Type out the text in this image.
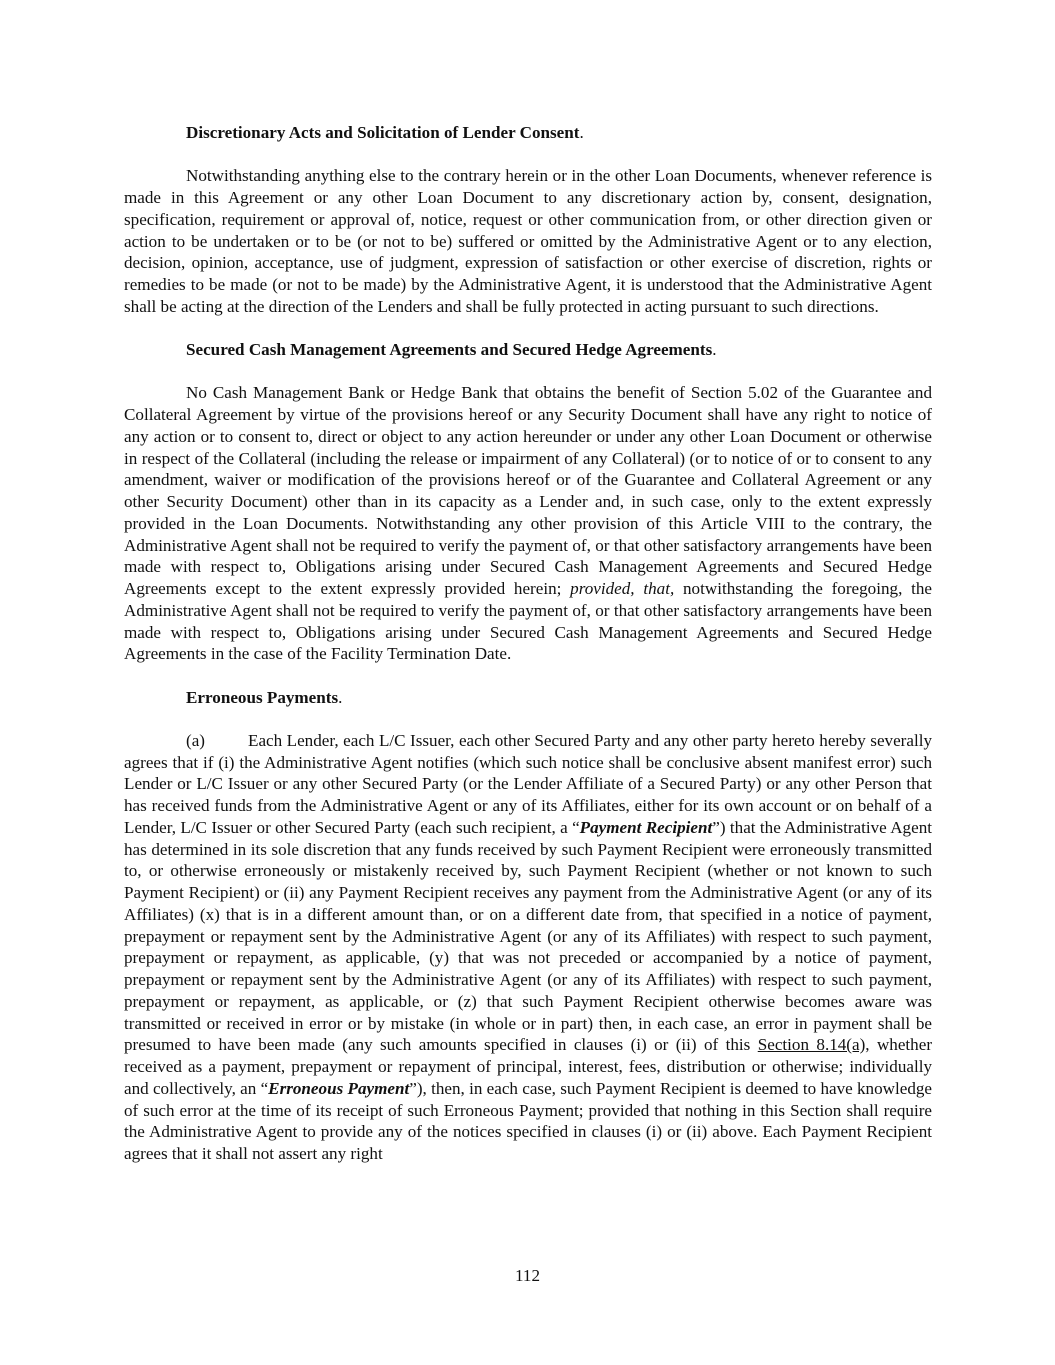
Discretionary Acts and Solicitation of Lender Consent.

Notwithstanding anything else to the contrary herein or in the other Loan Documents, whenever reference is made in this Agreement or any other Loan Document to any discretionary action by, consent, designation, specification, requirement or approval of, notice, request or other communication from, or other direction given or action to be undertaken or to be (or not to be) suffered or omitted by the Administrative Agent or to any election, decision, opinion, acceptance, use of judgment, expression of satisfaction or other exercise of discretion, rights or remedies to be made (or not to be made) by the Administrative Agent, it is understood that the Administrative Agent shall be acting at the direction of the Lenders and shall be fully protected in acting pursuant to such directions.

Secured Cash Management Agreements and Secured Hedge Agreements.

No Cash Management Bank or Hedge Bank that obtains the benefit of Section 5.02 of the Guarantee and Collateral Agreement by virtue of the provisions hereof or any Security Document shall have any right to notice of any action or to consent to, direct or object to any action hereunder or under any other Loan Document or otherwise in respect of the Collateral (including the release or impairment of any Collateral) (or to notice of or to consent to any amendment, waiver or modification of the provisions hereof or of the Guarantee and Collateral Agreement or any other Security Document) other than in its capacity as a Lender and, in such case, only to the extent expressly provided in the Loan Documents. Notwithstanding any other provision of this Article VIII to the contrary, the Administrative Agent shall not be required to verify the payment of, or that other satisfactory arrangements have been made with respect to, Obligations arising under Secured Cash Management Agreements and Secured Hedge Agreements except to the extent expressly provided herein; provided, that, notwithstanding the foregoing, the Administrative Agent shall not be required to verify the payment of, or that other satisfactory arrangements have been made with respect to, Obligations arising under Secured Cash Management Agreements and Secured Hedge Agreements in the case of the Facility Termination Date.

Erroneous Payments.

(a)	Each Lender, each L/C Issuer, each other Secured Party and any other party hereto hereby severally agrees that if (i) the Administrative Agent notifies (which such notice shall be conclusive absent manifest error) such Lender or L/C Issuer or any other Secured Party (or the Lender Affiliate of a Secured Party) or any other Person that has received funds from the Administrative Agent or any of its Affiliates, either for its own account or on behalf of a Lender, L/C Issuer or other Secured Party (each such recipient, a “Payment Recipient”) that the Administrative Agent has determined in its sole discretion that any funds received by such Payment Recipient were erroneously transmitted to, or otherwise erroneously or mistakenly received by, such Payment Recipient (whether or not known to such Payment Recipient) or (ii) any Payment Recipient receives any payment from the Administrative Agent (or any of its Affiliates) (x) that is in a different amount than, or on a different date from, that specified in a notice of payment, prepayment or repayment sent by the Administrative Agent (or any of its Affiliates) with respect to such payment, prepayment or repayment, as applicable, (y) that was not preceded or accompanied by a notice of payment, prepayment or repayment sent by the Administrative Agent (or any of its Affiliates) with respect to such payment, prepayment or repayment, as applicable, or (z) that such Payment Recipient otherwise becomes aware was transmitted or received in error or by mistake (in whole or in part) then, in each case, an error in payment shall be presumed to have been made (any such amounts specified in clauses (i) or (ii) of this Section 8.14(a), whether received as a payment, prepayment or repayment of principal, interest, fees, distribution or otherwise; individually and collectively, an “Erroneous Payment”), then, in each case, such Payment Recipient is deemed to have knowledge of such error at the time of its receipt of such Erroneous Payment; provided that nothing in this Section shall require the Administrative Agent to provide any of the notices specified in clauses (i) or (ii) above. Each Payment Recipient agrees that it shall not assert any right

112
